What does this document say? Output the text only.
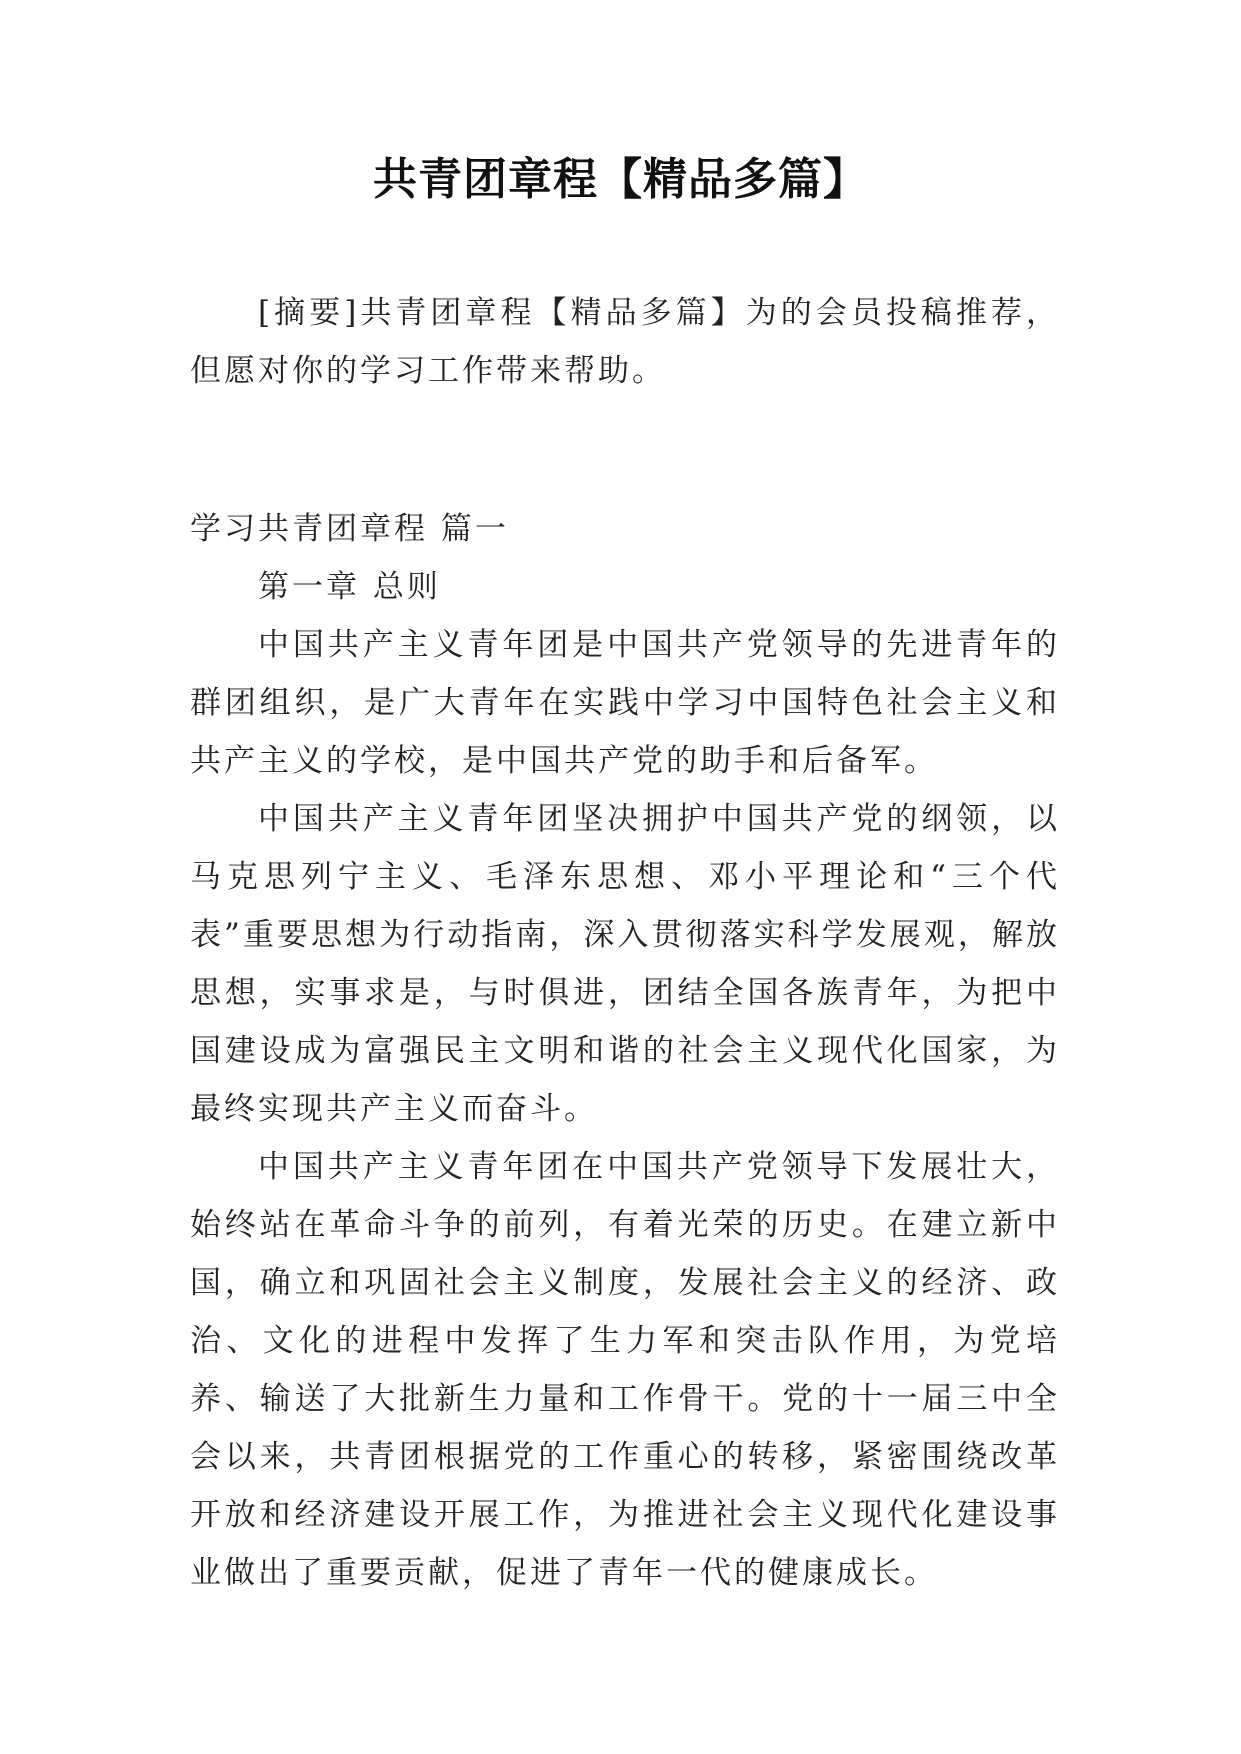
共青团章程【精品多篇】

[摘要]共青团章程【精品多篇】为的会员投稿推荐，但愿对你的学习工作带来帮助。

学习共青团章程 篇一

第一章 总则

中国共产主义青年团是中国共产党领导的先进青年的群团组织，是广大青年在实践中学习中国特色社会主义和共产主义的学校，是中国共产党的助手和后备军。

中国共产主义青年团坚决拥护中国共产党的纲领，以马克思列宁主义、毛泽东思想、邓小平理论和“三个代表”重要思想为行动指南，深入贯彻落实科学发展观，解放思想，实事求是，与时俱进，团结全国各族青年，为把中国建设成为富强民主文明和谐的社会主义现代化国家，为最终实现共产主义而奋斗。

中国共产主义青年团在中国共产党领导下发展壮大，始终站在革命斗争的前列，有着光荣的历史。在建立新中国，确立和巩固社会主义制度，发展社会主义的经济、政治、文化的进程中发挥了生力军和突击队作用，为党培养、输送了大批新生力量和工作骨干。党的十一届三中全会以来，共青团根据党的工作重心的转移，紧密围绕改革开放和经济建设开展工作，为推进社会主义现代化建设事业做出了重要贡献，促进了青年一代的健康成长。
